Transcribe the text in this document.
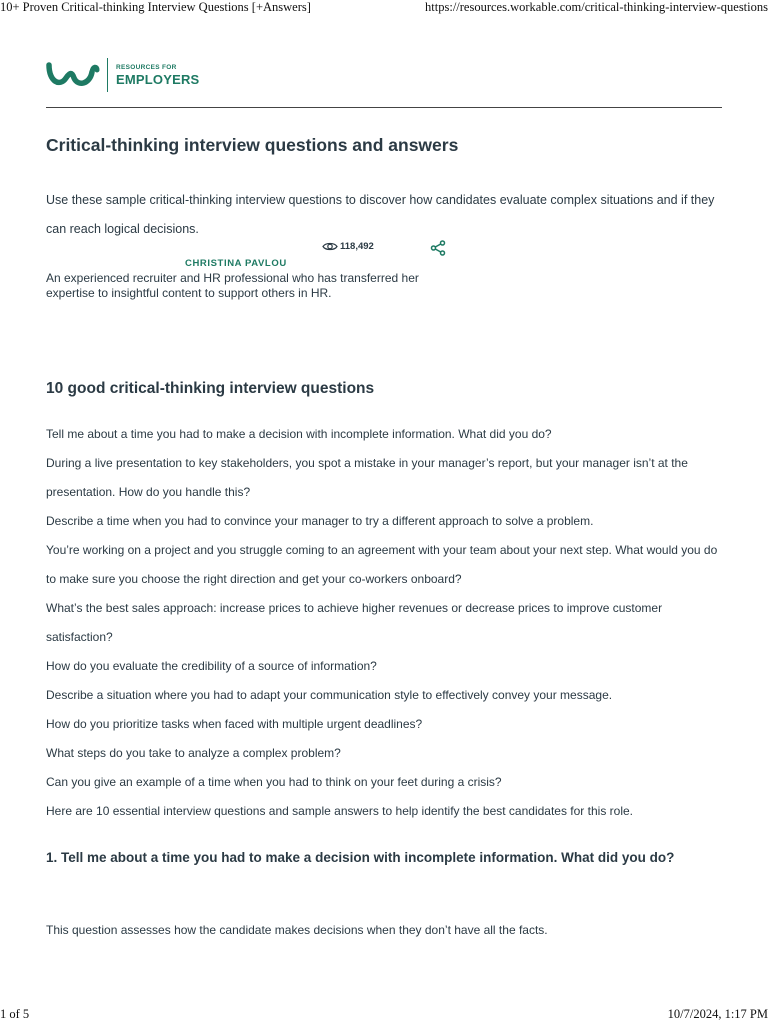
10+ Proven Critical-thinking Interview Questions [+Answers]	https://resources.workable.com/critical-thinking-interview-questions
RESOURCES FOR
EMPLOYERS
Critical-thinking interview questions and answers

Use these sample critical-thinking interview questions to discover how candidates evaluate complex situations and if they can reach logical decisions.

118,492
CHRISTINA PAVLOU

An experienced recruiter and HR professional who has transferred her expertise to insightful content to support others in HR.

10 good critical-thinking interview questions

Tell me about a time you had to make a decision with incomplete information. What did you do?

During a live presentation to key stakeholders, you spot a mistake in your manager’s report, but your manager isn’t at the presentation. How do you handle this?

Describe a time when you had to convince your manager to try a different approach to solve a problem.

You’re working on a project and you struggle coming to an agreement with your team about your next step. What would you do to make sure you choose the right direction and get your co-workers onboard?

What’s the best sales approach: increase prices to achieve higher revenues or decrease prices to improve customer satisfaction?

How do you evaluate the credibility of a source of information?

Describe a situation where you had to adapt your communication style to effectively convey your message.

How do you prioritize tasks when faced with multiple urgent deadlines?

What steps do you take to analyze a complex problem?

Can you give an example of a time when you had to think on your feet during a crisis?

Here are 10 essential interview questions and sample answers to help identify the best candidates for this role.

1. Tell me about a time you had to make a decision with incomplete information. What did you do?

This question assesses how the candidate makes decisions when they don’t have all the facts.

1 of 5	10/7/2024, 1:17 PM
